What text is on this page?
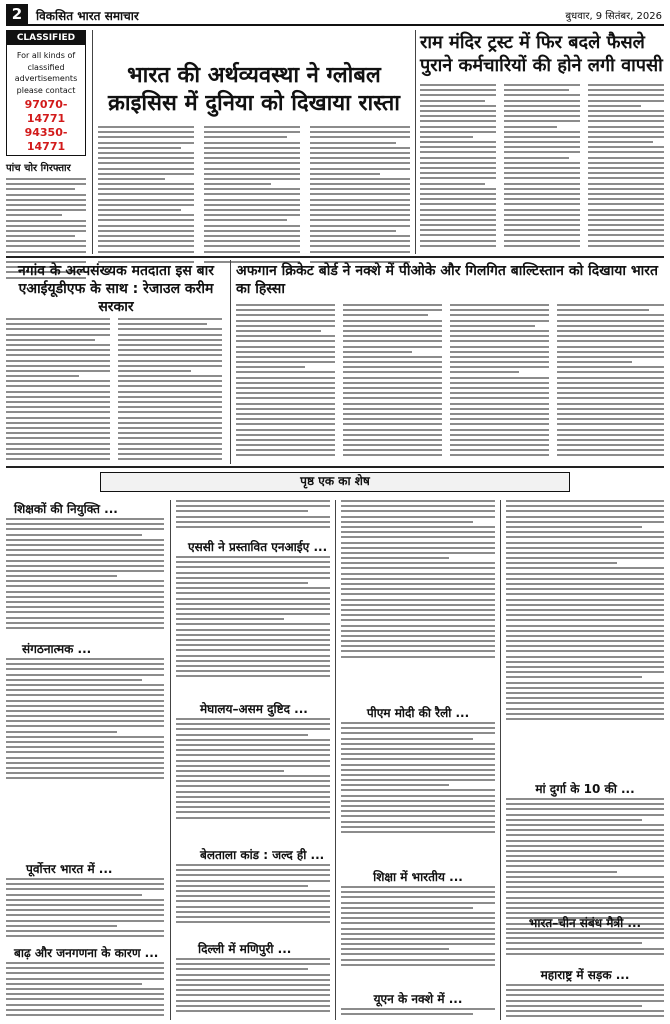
2	विकसित भारत समाचार	बुधवार, 9 सितंबर, 2026
CLASSIFIED
For all kinds of classified advertisements please contact
97070-14771
94350-14771
पांच चोर गिरफ्तार
भारत की अर्थव्यवस्था ने ग्लोबल क्राइसिस में दुनिया को दिखाया रास्ता
राम मंदिर ट्रस्ट में फिर बदले फैसले पुराने कर्मचारियों की होने लगी वापसी
नगांव के अल्पसंख्यक मतदाता इस बार एआईयूडीएफ के साथ : रेजाउल करीम सरकार
अफगान क्रिकेट बोर्ड ने नक्शे में पीओके और गिलगित बाल्टिस्तान को दिखाया भारत का हिस्सा
पृष्ठ एक का शेष
शिक्षकों की नियुक्ति ...
संगठनात्मक ...
पूर्वोत्तर भारत में ...
बाढ़ और जनगणना के कारण ...
एससी ने प्रस्तावित एनआईए ...
मेघालय–असम दुष्टिद ...
बेलताला कांड : जल्द ही ...
दिल्ली में मणिपुरी ...
पीएम मोदी की रैली ...
शिक्षा में भारतीय ...
यूएन के नक्शे में ...
मां दुर्गा के 10 की ...
भारत–चीन संबंध मैत्री ...
महाराष्ट्र में सड़क ...
